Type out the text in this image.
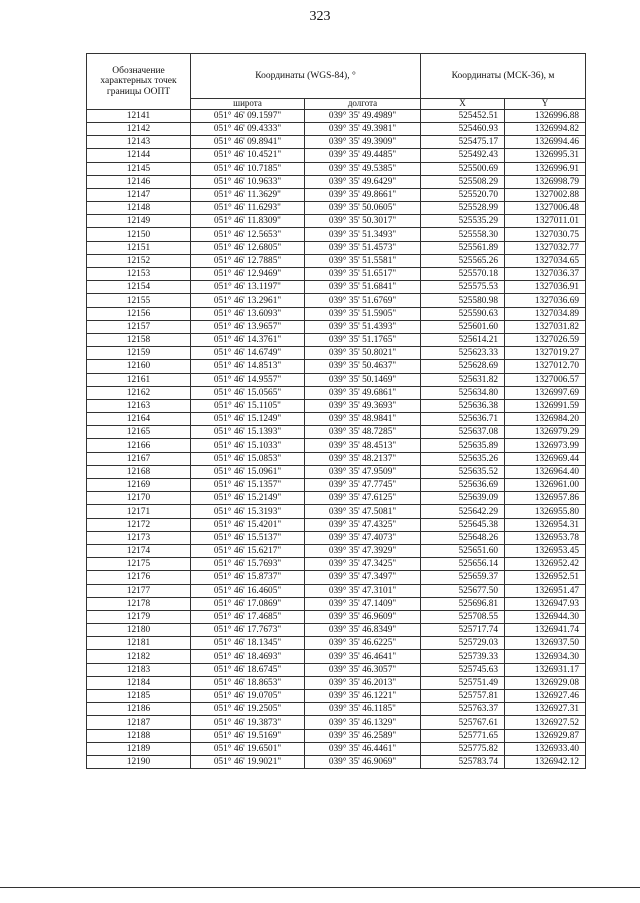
323
Обозначение характерных точек границы ООПТ	Координаты (WGS-84), °		Координаты (МСК-36), м	
	широта	долгота	X	Y
12141	051° 46' 09.1597"	039° 35' 49.4989"	525452.51	1326996.88
12142	051° 46' 09.4333"	039° 35' 49.3981"	525460.93	1326994.82
12143	051° 46' 09.8941"	039° 35' 49.3909"	525475.17	1326994.46
12144	051° 46' 10.4521"	039° 35' 49.4485"	525492.43	1326995.31
12145	051° 46' 10.7185"	039° 35' 49.5385"	525500.69	1326996.91
12146	051° 46' 10.9633"	039° 35' 49.6429"	525508.29	1326998.79
12147	051° 46' 11.3629"	039° 35' 49.8661"	525520.70	1327002.88
12148	051° 46' 11.6293"	039° 35' 50.0605"	525528.99	1327006.48
12149	051° 46' 11.8309"	039° 35' 50.3017"	525535.29	1327011.01
12150	051° 46' 12.5653"	039° 35' 51.3493"	525558.30	1327030.75
12151	051° 46' 12.6805"	039° 35' 51.4573"	525561.89	1327032.77
12152	051° 46' 12.7885"	039° 35' 51.5581"	525565.26	1327034.65
12153	051° 46' 12.9469"	039° 35' 51.6517"	525570.18	1327036.37
12154	051° 46' 13.1197"	039° 35' 51.6841"	525575.53	1327036.91
12155	051° 46' 13.2961"	039° 35' 51.6769"	525580.98	1327036.69
12156	051° 46' 13.6093"	039° 35' 51.5905"	525590.63	1327034.89
12157	051° 46' 13.9657"	039° 35' 51.4393"	525601.60	1327031.82
12158	051° 46' 14.3761"	039° 35' 51.1765"	525614.21	1327026.59
12159	051° 46' 14.6749"	039° 35' 50.8021"	525623.33	1327019.27
12160	051° 46' 14.8513"	039° 35' 50.4637"	525628.69	1327012.70
12161	051° 46' 14.9557"	039° 35' 50.1469"	525631.82	1327006.57
12162	051° 46' 15.0565"	039° 35' 49.6861"	525634.80	1326997.69
12163	051° 46' 15.1105"	039° 35' 49.3693"	525636.38	1326991.59
12164	051° 46' 15.1249"	039° 35' 48.9841"	525636.71	1326984.20
12165	051° 46' 15.1393"	039° 35' 48.7285"	525637.08	1326979.29
12166	051° 46' 15.1033"	039° 35' 48.4513"	525635.89	1326973.99
12167	051° 46' 15.0853"	039° 35' 48.2137"	525635.26	1326969.44
12168	051° 46' 15.0961"	039° 35' 47.9509"	525635.52	1326964.40
12169	051° 46' 15.1357"	039° 35' 47.7745"	525636.69	1326961.00
12170	051° 46' 15.2149"	039° 35' 47.6125"	525639.09	1326957.86
12171	051° 46' 15.3193"	039° 35' 47.5081"	525642.29	1326955.80
12172	051° 46' 15.4201"	039° 35' 47.4325"	525645.38	1326954.31
12173	051° 46' 15.5137"	039° 35' 47.4073"	525648.26	1326953.78
12174	051° 46' 15.6217"	039° 35' 47.3929"	525651.60	1326953.45
12175	051° 46' 15.7693"	039° 35' 47.3425"	525656.14	1326952.42
12176	051° 46' 15.8737"	039° 35' 47.3497"	525659.37	1326952.51
12177	051° 46' 16.4605"	039° 35' 47.3101"	525677.50	1326951.47
12178	051° 46' 17.0869"	039° 35' 47.1409"	525696.81	1326947.93
12179	051° 46' 17.4685"	039° 35' 46.9609"	525708.55	1326944.30
12180	051° 46' 17.7673"	039° 35' 46.8349"	525717.74	1326941.74
12181	051° 46' 18.1345"	039° 35' 46.6225"	525729.03	1326937.50
12182	051° 46' 18.4693"	039° 35' 46.4641"	525739.33	1326934.30
12183	051° 46' 18.6745"	039° 35' 46.3057"	525745.63	1326931.17
12184	051° 46' 18.8653"	039° 35' 46.2013"	525751.49	1326929.08
12185	051° 46' 19.0705"	039° 35' 46.1221"	525757.81	1326927.46
12186	051° 46' 19.2505"	039° 35' 46.1185"	525763.37	1326927.31
12187	051° 46' 19.3873"	039° 35' 46.1329"	525767.61	1326927.52
12188	051° 46' 19.5169"	039° 35' 46.2589"	525771.65	1326929.87
12189	051° 46' 19.6501"	039° 35' 46.4461"	525775.82	1326933.40
12190	051° 46' 19.9021"	039° 35' 46.9069"	525783.74	1326942.12
